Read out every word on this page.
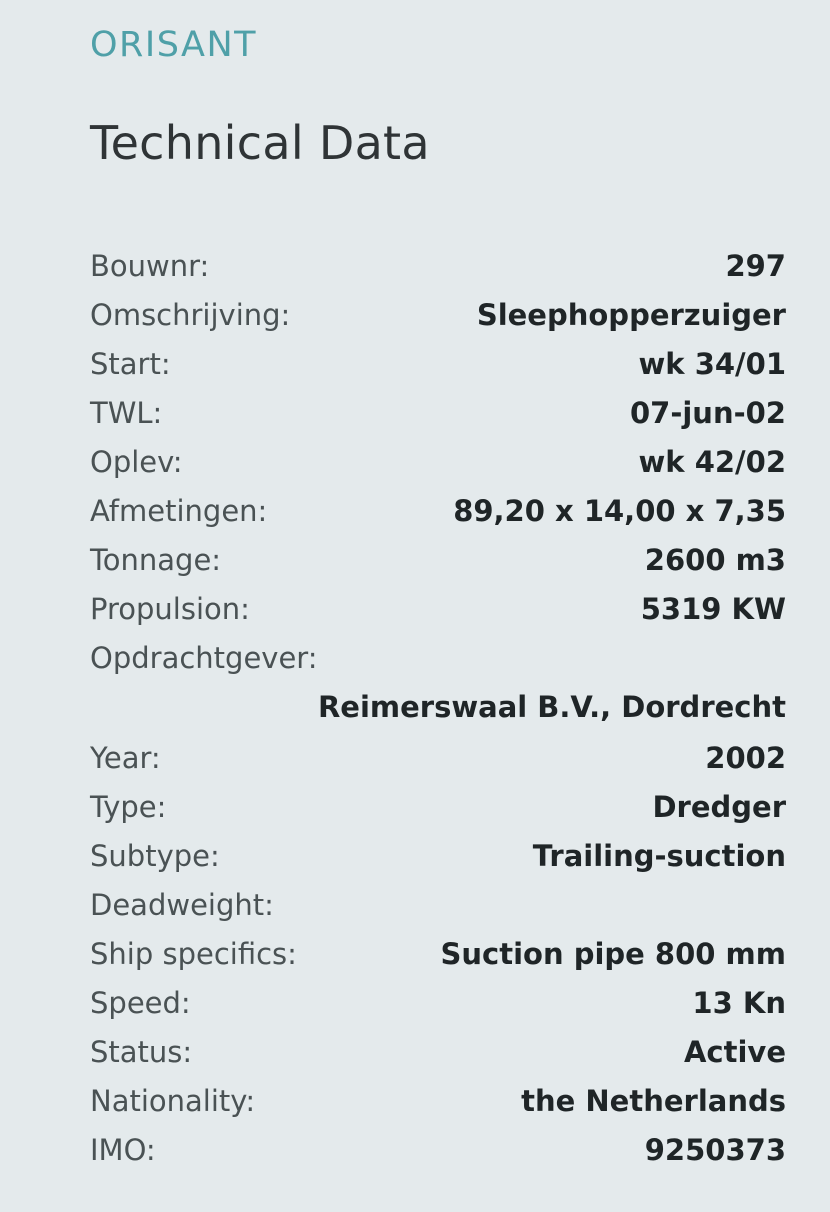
ORISANT
Technical Data
Bouwnr:	297
Omschrijving:	Sleephopperzuiger
Start:	wk 34/01
TWL:	07-jun-02
Oplev:	wk 42/02
Afmetingen:	89,20 x 14,00 x 7,35
Tonnage:	2600 m3
Propulsion:	5319 KW
Opdrachtgever:	
Reimerswaal B.V., Dordrecht	
Year:	2002
Type:	Dredger
Subtype:	Trailing-suction
Deadweight:	
Ship specifics:	Suction pipe 800 mm
Speed:	13 Kn
Status:	Active
Nationality:	the Netherlands
IMO:	9250373
